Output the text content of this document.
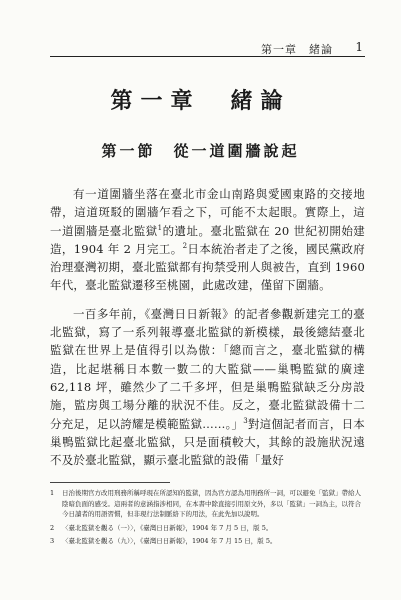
第一章　緒論 1
第一章　緒論
第一節　從一道圍牆說起

有一道圍牆坐落在臺北市金山南路與愛國東路的交接地帶，這道斑駁的圍牆乍看之下，可能不太起眼。實際上，這一道圍牆是臺北監獄$^1$的遺址。臺北監獄在 20 世紀初開始建造，1904 年 2 月完工。$^2$日本統治者走了之後，國民黨政府治理臺灣初期，臺北監獄都有拘禁受刑人與被告，直到 1960 年代，臺北監獄遷移至桃園，此處改建，僅留下圍牆。

一百多年前，《臺灣日日新報》的記者參觀新建完工的臺北監獄，寫了一系列報導臺北監獄的新模樣，最後總結臺北監獄在世界上是值得引以為傲：「總而言之，臺北監獄的構造，比起堪稱日本數一數二的大監獄——巢鴨監獄的廣達 62,118 坪，雖然少了二千多坪，但是巢鴨監獄缺乏分房設施，監房與工場分離的狀況不佳。反之，臺北監獄設備十二分充足，足以誇耀是模範監獄……。」$^3$對這個記者而言，日本巢鴨監獄比起臺北監獄，只是面積較大，其餘的設施狀況遠不及於臺北監獄，顯示臺北監獄的設備「量好

1 日治後期官方改用刑務所稱呼現在所認知的監獄，因為官方認為用刑務所一詞，可以避免「監獄」帶給人陰暗負面的感受。這兩者的意涵指涉相同，在本書中除直接引用原文外，多以「監獄」一詞為主，以符合今日讀者的用語習慣，但非現行法制脈絡下的用法，在此先加以說明。
2 〈臺北監獄を觀る（一）〉，《臺灣日日新報》，1904 年 7 月 5 日，版 5。
3 〈臺北監獄を觀る（九）〉，《臺灣日日新報》，1904 年 7 月 15 日，版 5。
